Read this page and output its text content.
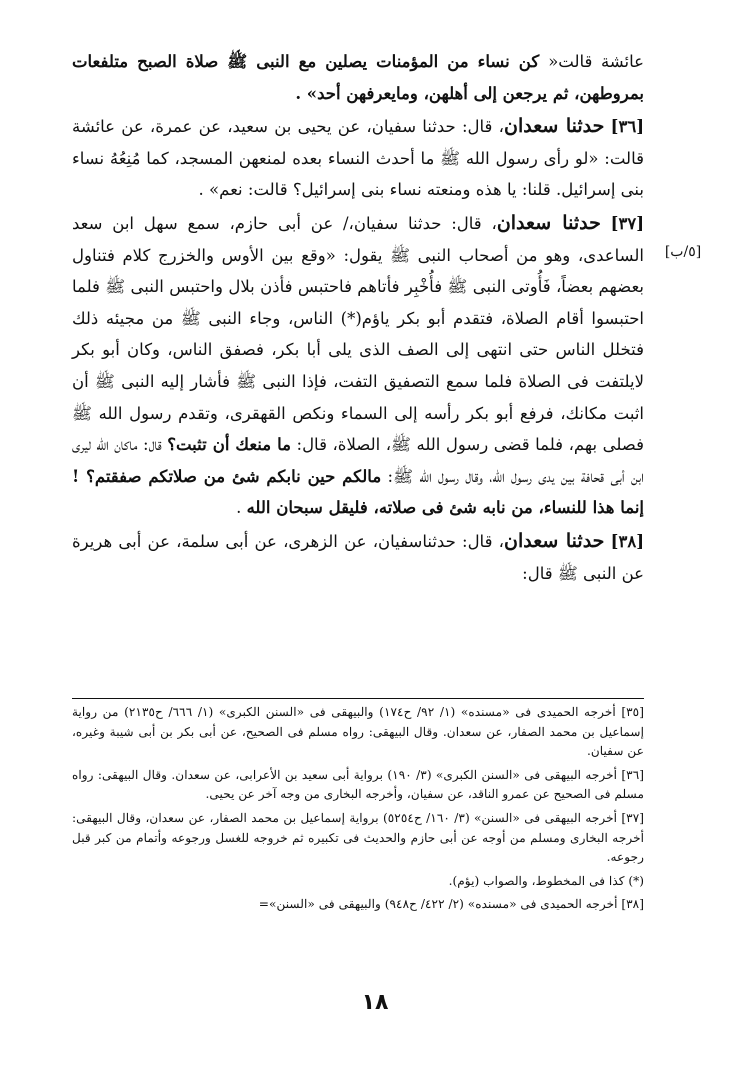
[٥/ب]

عائشة قالت« كن نساء من المؤمنات يصلين مع النبى ﷺ صلاة الصبح متلفعات بمروطهن، ثم يرجعن إلى أهلهن، ومايعرفهن أحد» .

[٣٦] حدثنا سعدان، قال: حدثنا سفيان، عن يحيى بن سعيد، عن عمرة، عن عائشة قالت: «لو رأى رسول الله ﷺ ما أحدث النساء بعده لمنعهن المسجد، كما مُنِعُهُ نساء بنى إسرائيل. قلنا: يا هذه ومنعته نساء بنى إسرائيل؟ قالت: نعم» .

[٣٧] حدثنا سعدان، قال: حدثنا سفيان،/ عن أبى حازم، سمع سهل ابن سعد الساعدى، وهو من أصحاب النبى ﷺ يقول: «وقع بين الأوس والخزرج كلام فتناول بعضهم بعضاً، فَأُوتى النبى ﷺ فأُخْبِر فأتاهم فاحتبس فأذن بلال واحتبس النبى ﷺ فلما احتبسوا أقام الصلاة، فتقدم أبو بكر ياؤم(*) الناس، وجاء النبى ﷺ من مجيئه ذلك فتخلل الناس حتى انتهى إلى الصف الذى يلى أبا بكر، فصفق الناس، وكان أبو بكر لايلتفت فى الصلاة فلما سمع التصفيق التفت، فإذا النبى ﷺ فأشار إليه النبى ﷺ أن اثبت مكانك، فرفع أبو بكر رأسه إلى السماء ونكص القهقرى، وتقدم رسول الله ﷺ فصلى بهم، فلما قضى رسول الله ﷺ، الصلاة، قال: ما منعك أن تثبت؟ قال: ماكان الله ليرى ابن أبى قحافة بين يدى رسول الله، وقال رسول الله ﷺ: مالكم حين نابكم شئ من صلاتكم صفقتم؟ ! إنما هذا للنساء، من نابه شئ فى صلاته، فليقل سبحان الله .

[٣٨] حدثنا سعدان، قال: حدثناسفيان، عن الزهرى، عن أبى سلمة، عن أبى هريرة عن النبى ﷺ قال:

[٣٥] أخرجه الحميدى فى «مسنده» (١/ ٩٢/ ح١٧٤) والبيهقى فى «السنن الكبرى» (١/ ٦٦٦/ ح٢١٣٥) من رواية إسماعيل بن محمد الصفار، عن سعدان. وقال البيهقى: رواه مسلم فى الصحيح، عن أبى بكر بن أبى شيبة وغيره، عن سفيان.

[٣٦] أخرجه البيهقى فى «السنن الكبرى» (٣/ ١٩٠) برواية أبى سعيد بن الأعرابى، عن سعدان. وقال البيهقى: رواه مسلم فى الصحيح عن عمرو الناقد، عن سفيان، وأخرجه البخارى من وجه آخر عن يحيى.

[٣٧] أخرجه البيهقى فى «السنن» (٣/ ١٦٠/ ح٥٢٥٤) برواية إسماعيل بن محمد الصفار، عن سعدان، وقال البيهقى: أخرجه البخارى ومسلم من أوجه عن أبى حازم والحديث فى تكبيره ثم خروجه للغسل ورجوعه وأتمام من كبر قبل رجوعه.

(*) كذا فى المخطوط، والصواب (يؤم).

[٣٨] أخرجه الحميدى فى «مسنده» (٢/ ٤٢٢/ ح٩٤٨) والبيهقى فى «السنن»=

١٨
